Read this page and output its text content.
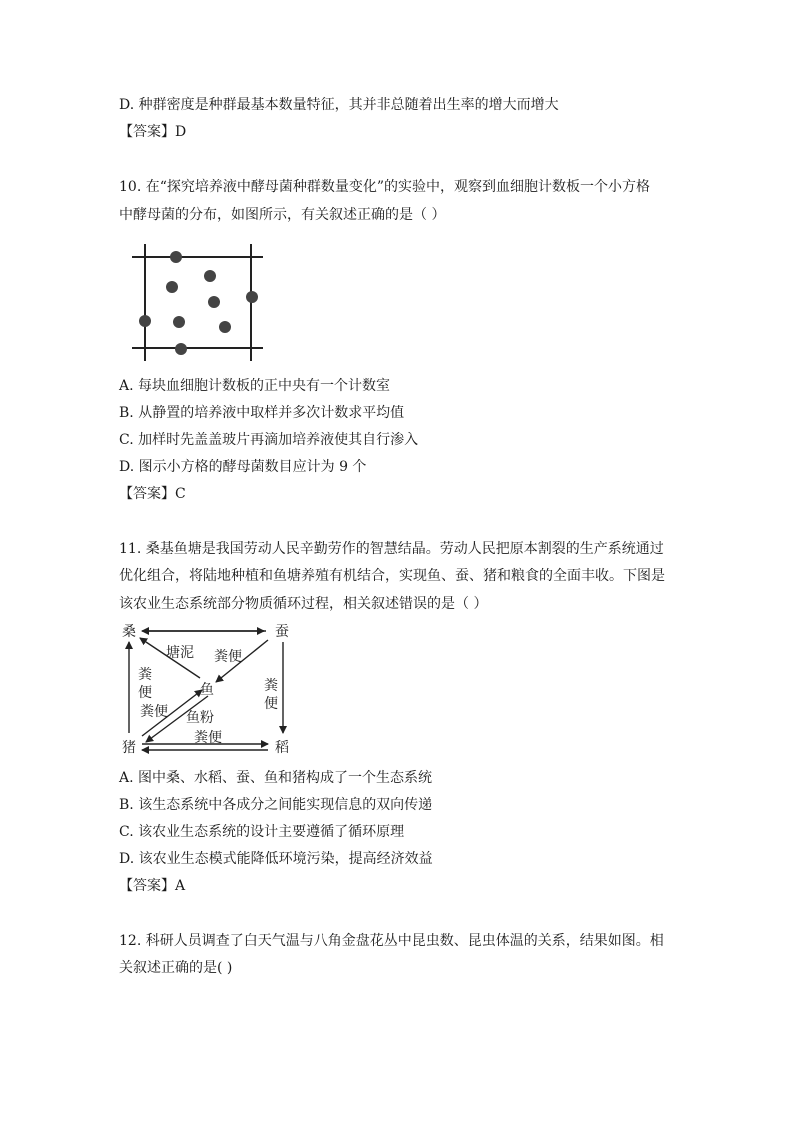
D. 种群密度是种群最基本数量特征，其并非总随着出生率的增大而增大
【答案】D
10. 在“探究培养液中酵母菌种群数量变化”的实验中，观察到血细胞计数板一个小方格
中酵母菌的分布，如图所示，有关叙述正确的是（ ）
A. 每块血细胞计数板的正中央有一个计数室
B. 从静置的培养液中取样并多次计数求平均值
C. 加样时先盖盖玻片再滴加培养液使其自行渗入
D. 图示小方格的酵母菌数目应计为 9 个
【答案】C
11. 桑基鱼塘是我国劳动人民辛勤劳作的智慧结晶。劳动人民把原本割裂的生产系统通过
优化组合，将陆地种植和鱼塘养殖有机结合，实现鱼、蚕、猪和粮食的全面丰收。下图是
该农业生态系统部分物质循环过程，相关叙述错误的是（ ）
桑	蚕
猪	稻
鱼
塘泥 粪便
粪
便	粪
便
粪便 鱼粉
粪便
A. 图中桑、水稻、蚕、鱼和猪构成了一个生态系统
B. 该生态系统中各成分之间能实现信息的双向传递
C. 该农业生态系统的设计主要遵循了循环原理
D. 该农业生态模式能降低环境污染，提高经济效益
【答案】A
12. 科研人员调查了白天气温与八角金盘花丛中昆虫数、昆虫体温的关系，结果如图。相
关叙述正确的是( )
